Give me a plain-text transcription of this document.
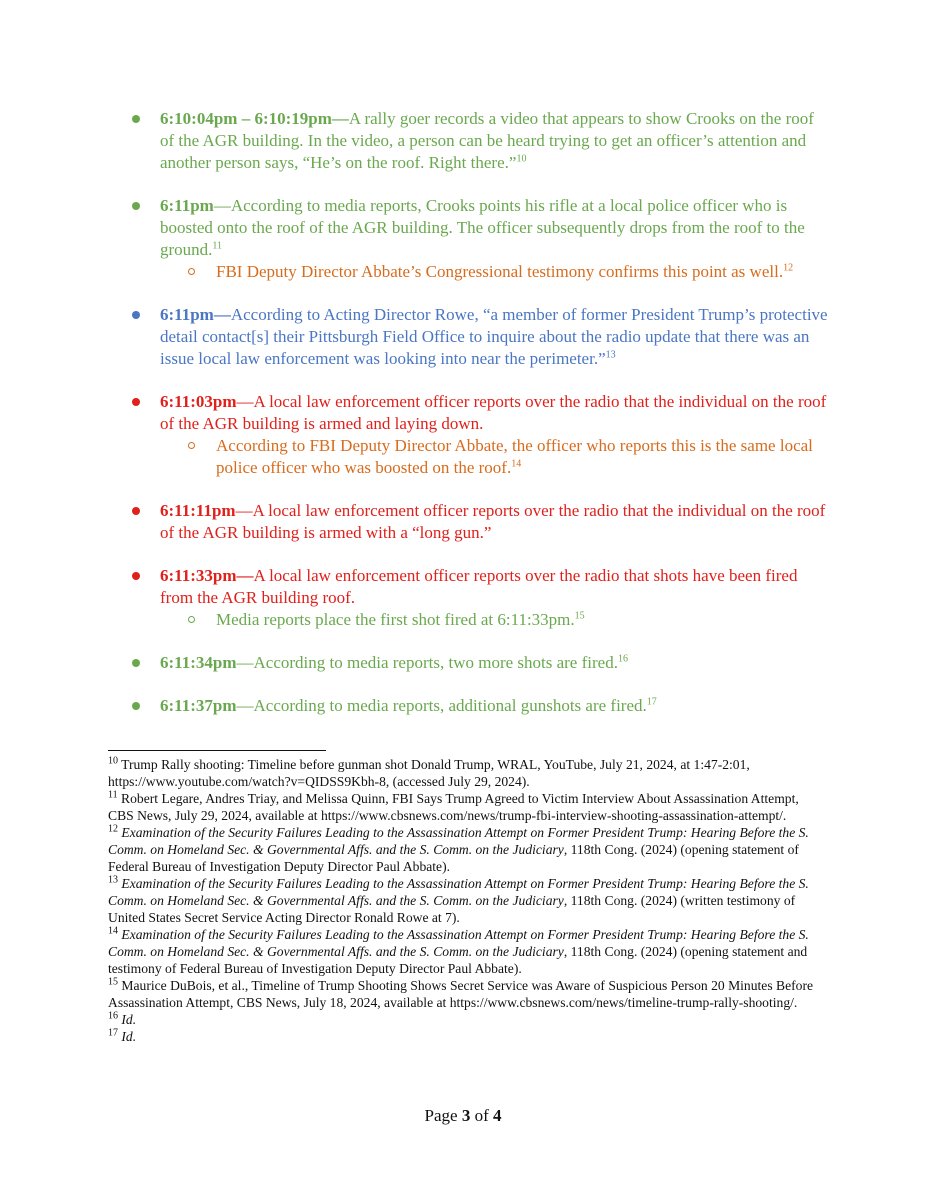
6:10:04pm – 6:10:19pm—A rally goer records a video that appears to show Crooks on the roof of the AGR building. In the video, a person can be heard trying to get an officer’s attention and another person says, “He’s on the roof. Right there.”$^{10}$
6:11pm—According to media reports, Crooks points his rifle at a local police officer who is boosted onto the roof of the AGR building. The officer subsequently drops from the roof to the ground.$^{11}$
FBI Deputy Director Abbate’s Congressional testimony confirms this point as well.$^{12}$
6:11pm—According to Acting Director Rowe, “a member of former President Trump’s protective detail contact[s] their Pittsburgh Field Office to inquire about the radio update that there was an issue local law enforcement was looking into near the perimeter.”$^{13}$
6:11:03pm—A local law enforcement officer reports over the radio that the individual on the roof of the AGR building is armed and laying down.
According to FBI Deputy Director Abbate, the officer who reports this is the same local police officer who was boosted on the roof.$^{14}$
6:11:11pm—A local law enforcement officer reports over the radio that the individual on the roof of the AGR building is armed with a “long gun.”
6:11:33pm—A local law enforcement officer reports over the radio that shots have been fired from the AGR building roof.
Media reports place the first shot fired at 6:11:33pm.$^{15}$
6:11:34pm—According to media reports, two more shots are fired.$^{16}$
6:11:37pm—According to media reports, additional gunshots are fired.$^{17}$

$^{10}$ Trump Rally shooting: Timeline before gunman shot Donald Trump, WRAL, YouTube, July 21, 2024, at 1:47-2:01, https://www.youtube.com/watch?v=QIDSS9Kbh-8, (accessed July 29, 2024).

$^{11}$ Robert Legare, Andres Triay, and Melissa Quinn, FBI Says Trump Agreed to Victim Interview About Assassination Attempt, CBS News, July 29, 2024, available at https://www.cbsnews.com/news/trump-fbi-interview-shooting-assassination-attempt/.

$^{12}$ Examination of the Security Failures Leading to the Assassination Attempt on Former President Trump: Hearing Before the S. Comm. on Homeland Sec. & Governmental Affs. and the S. Comm. on the Judiciary, 118th Cong. (2024) (opening statement of Federal Bureau of Investigation Deputy Director Paul Abbate).

$^{13}$ Examination of the Security Failures Leading to the Assassination Attempt on Former President Trump: Hearing Before the S. Comm. on Homeland Sec. & Governmental Affs. and the S. Comm. on the Judiciary, 118th Cong. (2024) (written testimony of United States Secret Service Acting Director Ronald Rowe at 7).

$^{14}$ Examination of the Security Failures Leading to the Assassination Attempt on Former President Trump: Hearing Before the S. Comm. on Homeland Sec. & Governmental Affs. and the S. Comm. on the Judiciary, 118th Cong. (2024) (opening statement and testimony of Federal Bureau of Investigation Deputy Director Paul Abbate).

$^{15}$ Maurice DuBois, et al., Timeline of Trump Shooting Shows Secret Service was Aware of Suspicious Person 20 Minutes Before Assassination Attempt, CBS News, July 18, 2024, available at https://www.cbsnews.com/news/timeline-trump-rally-shooting/.

$^{16}$ Id.

$^{17}$ Id.

Page 3 of 4
